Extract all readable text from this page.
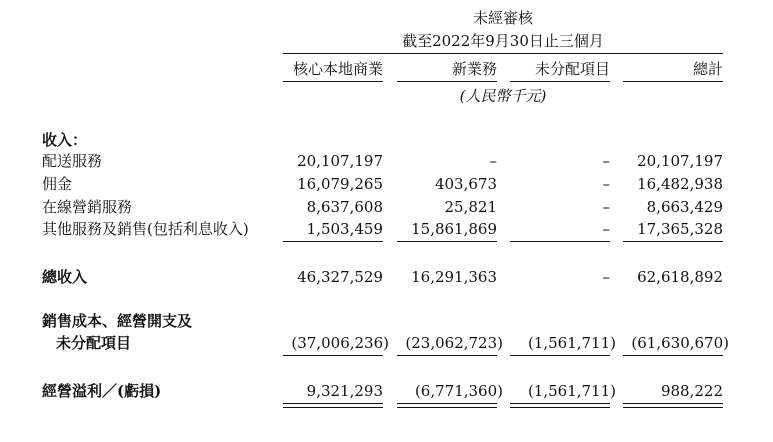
未經審核
截至2022年9月30日止三個月
核心本地商業	新業務	未分配項目	總計
(人民幣千元)
收入：
配送服務	20,107,197	–	–	20,107,197
佣金	16,079,265	403,673	–	16,482,938
在線營銷服務	8,637,608	25,821	–	8,663,429
其他服務及銷售(包括利息收入)	1,503,459	15,861,869	–	17,365,328
總收入	46,327,529	16,291,363	–	62,618,892
銷售成本、經營開支及
未分配項目	(37,006,236)	(23,062,723)	(1,561,711)	(61,630,670)
經營溢利／(虧損)	9,321,293	(6,771,360)	(1,561,711)	988,222
